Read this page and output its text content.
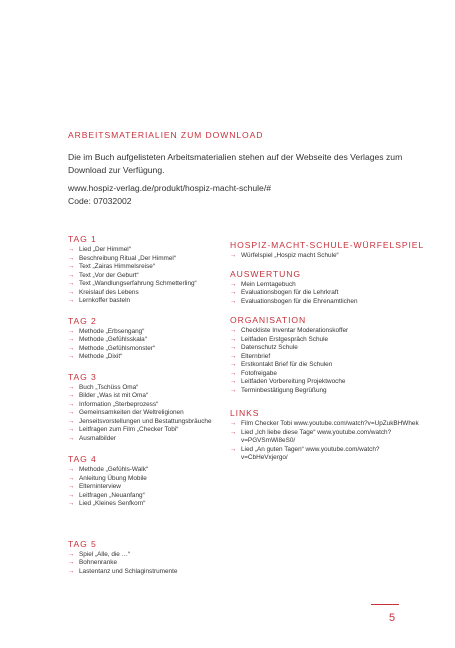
ARBEITSMATERIALIEN ZUM DOWNLOAD

Die im Buch aufgelisteten Arbeitsmaterialien stehen auf der Webseite des Verlages zum Download zur Verfügung.

www.hospiz-verlag.de/produkt/hospiz-macht-schule/#

Code: 07032002

TAG 1
→ Lied „Der Himmel“
→ Beschreibung Ritual „Der Himmel“
→ Text „Zairas Himmelsreise“
→ Text „Vor der Geburt“
→ Text „Wandlungserfahrung Schmetterling“
→ Kreislauf des Lebens
→ Lernkoffer basteln
TAG 2
→ Methode „Erbsengang“
→ Methode „Gefühlsskala“
→ Methode „Gefühlsmonster“
→ Methode „Dixit“
TAG 3
→ Buch „Tschüss Oma“
→ Bilder „Was ist mit Oma“
→ Information „Sterbeprozess“
→ Gemeinsamkeiten der Weltreligionen
→ Jenseitsvorstellungen und Bestattungsbräuche
→ Leitfragen zum Film „Checker Tobi“
→ Ausmalbilder
TAG 4
→ Methode „Gefühls-Walk“
→ Anleitung Übung Mobile
→ Elterninterview
→ Leitfragen „Neuanfang“
→ Lied „Kleines Senfkorn“
TAG 5
→ Spiel „Alle, die …“
→ Bohnenranke
→ Lastentanz und Schlaginstrumente
HOSPIZ-MACHT-SCHULE-WÜRFELSPIEL
→ Würfelspiel „Hospiz macht Schule“
AUSWERTUNG
→ Mein Lerntagebuch
→ Evaluationsbogen für die Lehrkraft
→ Evaluationsbogen für die Ehrenamtlichen
ORGANISATION
→ Checkliste Inventar Moderationskoffer
→ Leitfaden Erstgespräch Schule
→ Datenschutz Schule
→ Elternbrief
→ Erstkontakt Brief für die Schulen
→ Fotofreigabe
→ Leitfaden Vorbereitung Projektwoche
→ Terminbestätigung Begrüßung
LINKS
→ Film Checker Tobi www.youtube.com/watch?v=UpZukBHWhek
→ Lied „Ich liebe diese Tage“ www.youtube.com/watch?v=PGVSmWi8eS0/
→ Lied „An guten Tagen“ www.youtube.com/watch?v=CbHeVxjergo/
5
